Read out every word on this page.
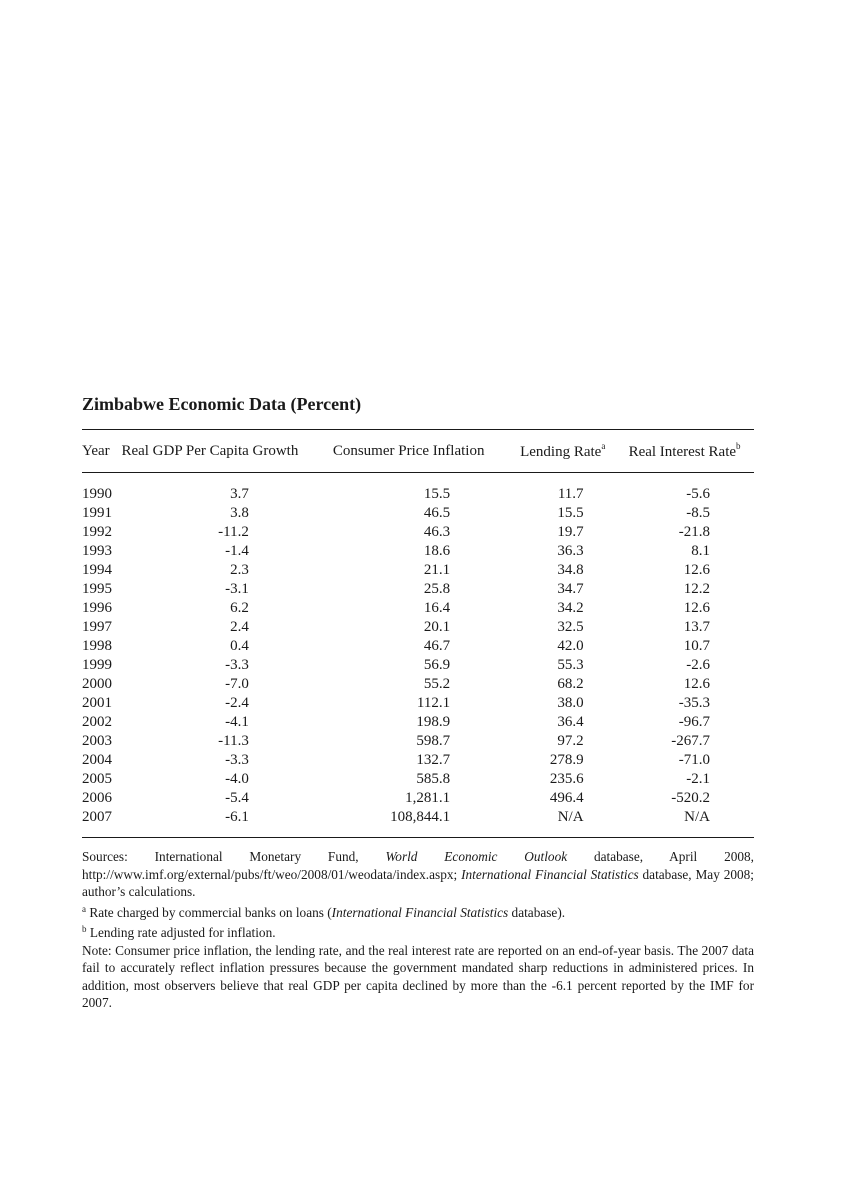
Zimbabwe Economic Data (Percent)
Year	Real GDP Per Capita Growth	Consumer Price Inflation	Lending Rate$^a$	Real Interest Rate$^b$
1990	3.7	15.5	11.7	-5.6
1991	3.8	46.5	15.5	-8.5
1992	-11.2	46.3	19.7	-21.8
1993	-1.4	18.6	36.3	8.1
1994	2.3	21.1	34.8	12.6
1995	-3.1	25.8	34.7	12.2
1996	6.2	16.4	34.2	12.6
1997	2.4	20.1	32.5	13.7
1998	0.4	46.7	42.0	10.7
1999	-3.3	56.9	55.3	-2.6
2000	-7.0	55.2	68.2	12.6
2001	-2.4	112.1	38.0	-35.3
2002	-4.1	198.9	36.4	-96.7
2003	-11.3	598.7	97.2	-267.7
2004	-3.3	132.7	278.9	-71.0
2005	-4.0	585.8	235.6	-2.1
2006	-5.4	1,281.1	496.4	-520.2
2007	-6.1	108,844.1	N/A	N/A

Sources: International Monetary Fund, World Economic Outlook database, April 2008, http://www.imf.org/external/pubs/ft/weo/2008/01/weodata/index.aspx; International Financial Statistics database, May 2008; author’s calculations.

$^a$ Rate charged by commercial banks on loans (International Financial Statistics database).

$^b$ Lending rate adjusted for inflation.

Note: Consumer price inflation, the lending rate, and the real interest rate are reported on an end-of-year basis. The 2007 data fail to accurately reflect inflation pressures because the government mandated sharp reductions in administered prices. In addition, most observers believe that real GDP per capita declined by more than the -6.1 percent reported by the IMF for 2007.
